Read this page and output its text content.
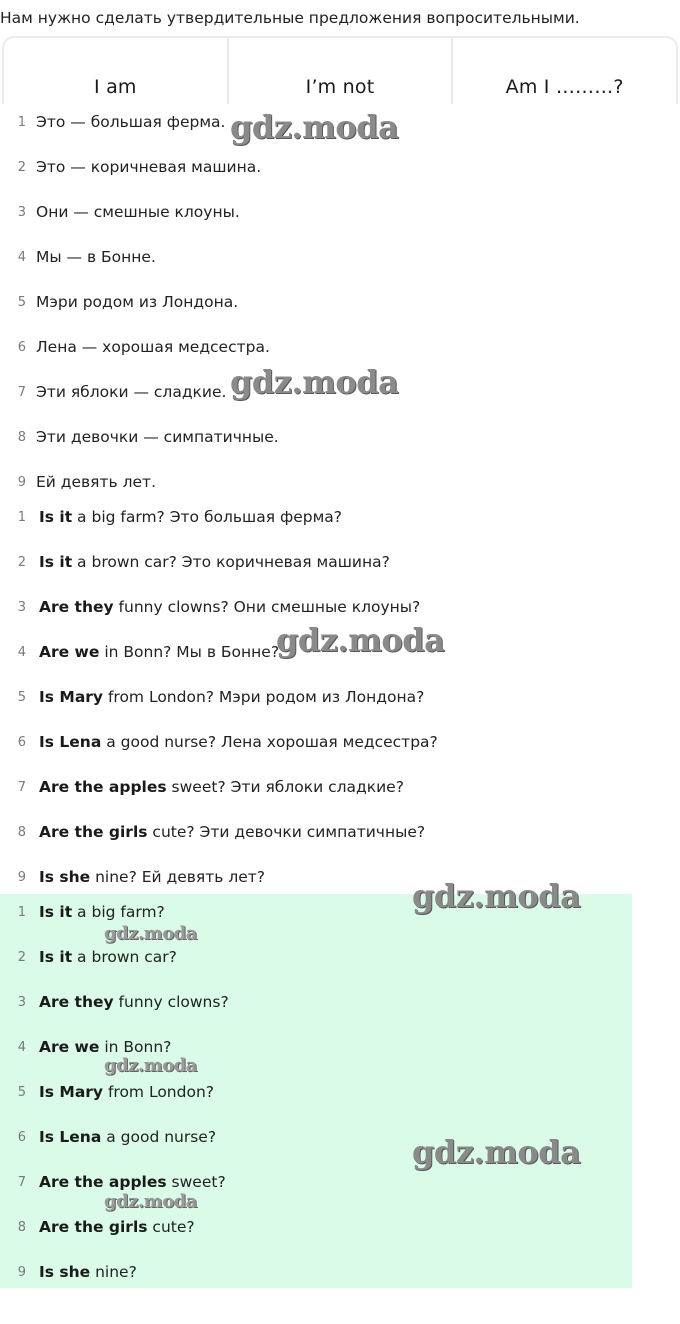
Нам нужно сделать утвердительные предложения вопросительными.
I am	I’m not	Am I ………?
1 Это — большая ферма.
2 Это — коричневая машина.
3 Они — смешные клоуны.
4 Мы — в Бонне.
5 Мэри родом из Лондона.
6 Лена — хорошая медсестра.
7 Эти яблоки — сладкие.
8 Эти девочки — симпатичные.
9 Ей девять лет.
1 Is it a big farm? Это большая ферма?
2 Is it a brown car? Это коричневая машина?
3 Are they funny clowns? Они смешные клоуны?
4 Are we in Bonn? Мы в Бонне?
5 Is Mary from London? Мэри родом из Лондона?
6 Is Lena a good nurse? Лена хорошая медсестра?
7 Are the apples sweet? Эти яблоки сладкие?
8 Are the girls cute? Эти девочки симпатичные?
9 Is she nine? Ей девять лет?
1 Is it a big farm?
2 Is it a brown car?
3 Are they funny clowns?
4 Are we in Bonn?
5 Is Mary from London?
6 Is Lena a good nurse?
7 Are the apples sweet?
8 Are the girls cute?
9 Is she nine?
gdz.moda
gdz.moda
gdz.moda
gdz.moda
gdz.moda
gdz.moda
gdz.moda
gdz.moda
